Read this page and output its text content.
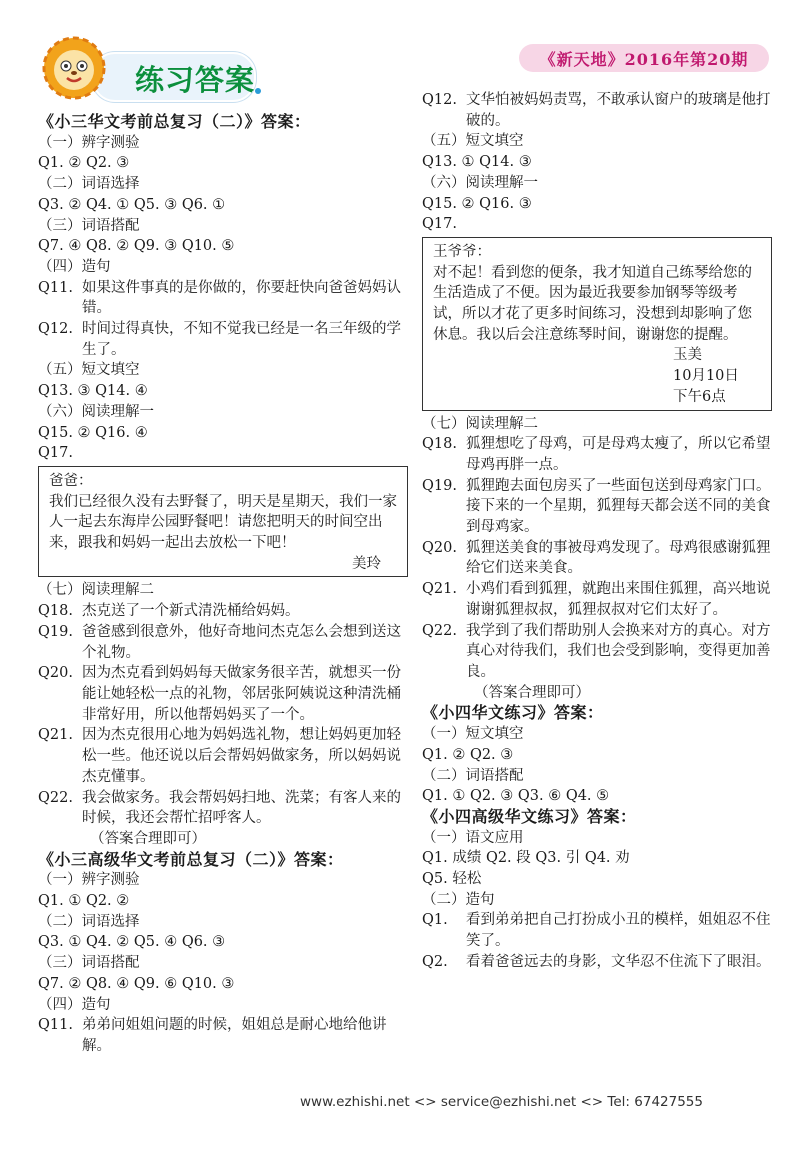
练习答案
《新天地》2016年第20期
《小三华文考前总复习（二）》答案：
（一）辨字测验
Q1. ② Q2. ③
（二）词语选择
Q3. ② Q4. ① Q5. ③ Q6. ①
（三）词语搭配
Q7. ④ Q8. ② Q9. ③ Q10. ⑤
（四）造句
Q11. 如果这件事真的是你做的，你要赶快向爸爸妈妈认错。
Q12. 时间过得真快，不知不觉我已经是一名三年级的学生了。
（五）短文填空
Q13. ③ Q14. ④
（六）阅读理解一
Q15. ② Q16. ④
Q17.
爸爸：
我们已经很久没有去野餐了，明天是星期天，我们一家人一起去东海岸公园野餐吧！请您把明天的时间空出来，跟我和妈妈一起出去放松一下吧！
美玲
（七）阅读理解二
Q18. 杰克送了一个新式清洗桶给妈妈。
Q19. 爸爸感到很意外，他好奇地问杰克怎么会想到送这个礼物。
Q20. 因为杰克看到妈妈每天做家务很辛苦，就想买一份能让她轻松一点的礼物，邻居张阿姨说这种清洗桶非常好用，所以他帮妈妈买了一个。
Q21. 因为杰克很用心地为妈妈选礼物，想让妈妈更加轻松一些。他还说以后会帮妈妈做家务，所以妈妈说杰克懂事。
Q22. 我会做家务。我会帮妈妈扫地、洗菜；有客人来的时候，我还会帮忙招呼客人。
（答案合理即可）
《小三高级华文考前总复习（二）》答案：
（一）辨字测验
Q1. ① Q2. ②
（二）词语选择
Q3. ① Q4. ② Q5. ④ Q6. ③
（三）词语搭配
Q7. ② Q8. ④ Q9. ⑥ Q10. ③
（四）造句
Q11. 弟弟问姐姐问题的时候，姐姐总是耐心地给他讲解。
Q12. 文华怕被妈妈责骂，不敢承认窗户的玻璃是他打破的。
（五）短文填空
Q13. ① Q14. ③
（六）阅读理解一
Q15. ② Q16. ③
Q17.
王爷爷：
对不起！看到您的便条，我才知道自己练琴给您的生活造成了不便。因为最近我要参加钢琴等级考试，所以才花了更多时间练习，没想到却影响了您休息。我以后会注意练琴时间，谢谢您的提醒。
玉美
10月10日
下午6点
（七）阅读理解二
Q18. 狐狸想吃了母鸡，可是母鸡太瘦了，所以它希望母鸡再胖一点。
Q19. 狐狸跑去面包房买了一些面包送到母鸡家门口。接下来的一个星期，狐狸每天都会送不同的美食到母鸡家。
Q20. 狐狸送美食的事被母鸡发现了。母鸡很感谢狐狸给它们送来美食。
Q21. 小鸡们看到狐狸，就跑出来围住狐狸，高兴地说谢谢狐狸叔叔，狐狸叔叔对它们太好了。
Q22. 我学到了我们帮助别人会换来对方的真心。对方真心对待我们，我们也会受到影响，变得更加善良。
（答案合理即可）
《小四华文练习》答案：
（一）短文填空
Q1. ② Q2. ③
（二）词语搭配
Q1. ① Q2. ③ Q3. ⑥ Q4. ⑤
《小四高级华文练习》答案：
（一）语文应用
Q1. 成绩 Q2. 段 Q3. 引 Q4. 劝
Q5. 轻松
（二）造句
Q1.	看到弟弟把自己打扮成小丑的模样，姐姐忍不住笑了。
Q2.	看着爸爸远去的身影，文华忍不住流下了眼泪。
www.ezhishi.net <> service@ezhishi.net <> Tel: 67427555
